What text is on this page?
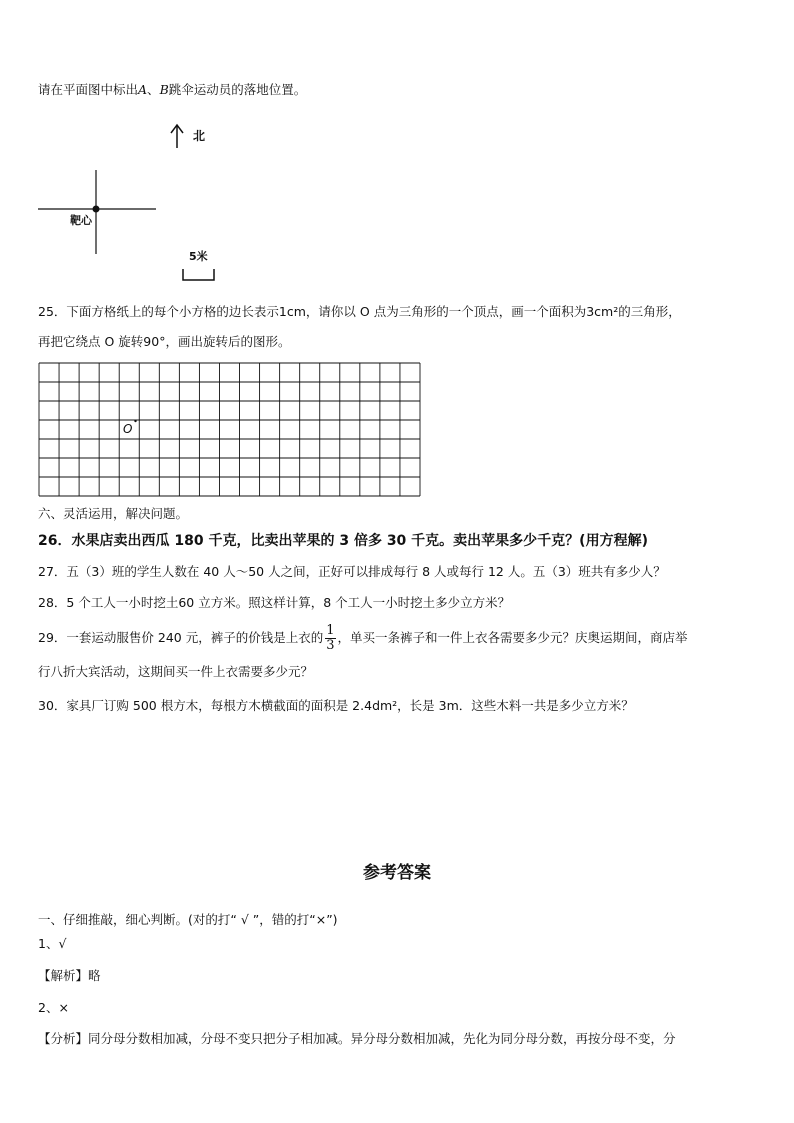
请在平面图中标出A、B跳伞运动员的落地位置。
北
靶心
5米
25．下面方格纸上的每个小方格的边长表示1cm，请你以 O 点为三角形的一个顶点，画一个面积为3cm²的三角形，
再把它绕点 O 旋转90°，画出旋转后的图形。
O
六、灵活运用，解决问题。
26．水果店卖出西瓜 180 千克，比卖出苹果的 3 倍多 30 千克。卖出苹果多少千克？(用方程解)
27．五（3）班的学生人数在 40 人～50 人之间，正好可以排成每行 8 人或每行 12 人。五（3）班共有多少人？
28．5 个工人一小时挖土60 立方米。照这样计算，8 个工人一小时挖土多少立方米？
29．一套运动服售价 240 元，裤子的价钱是上衣的 $\frac{1}{3}$ ，单买一条裤子和一件上衣各需要多少元？庆奥运期间，商店举
行八折大宾活动，这期间买一件上衣需要多少元？
30．家具厂订购 500 根方木，每根方木横截面的面积是 2.4dm²，长是 3m．这些木料一共是多少立方米？
参考答案
一、仔细推敲，细心判断。(对的打“ √ ”，错的打“×”)
1、√
【解析】略
2、×
【分析】同分母分数相加减，分母不变只把分子相加减。异分母分数相加减，先化为同分母分数，再按分母不变，分
